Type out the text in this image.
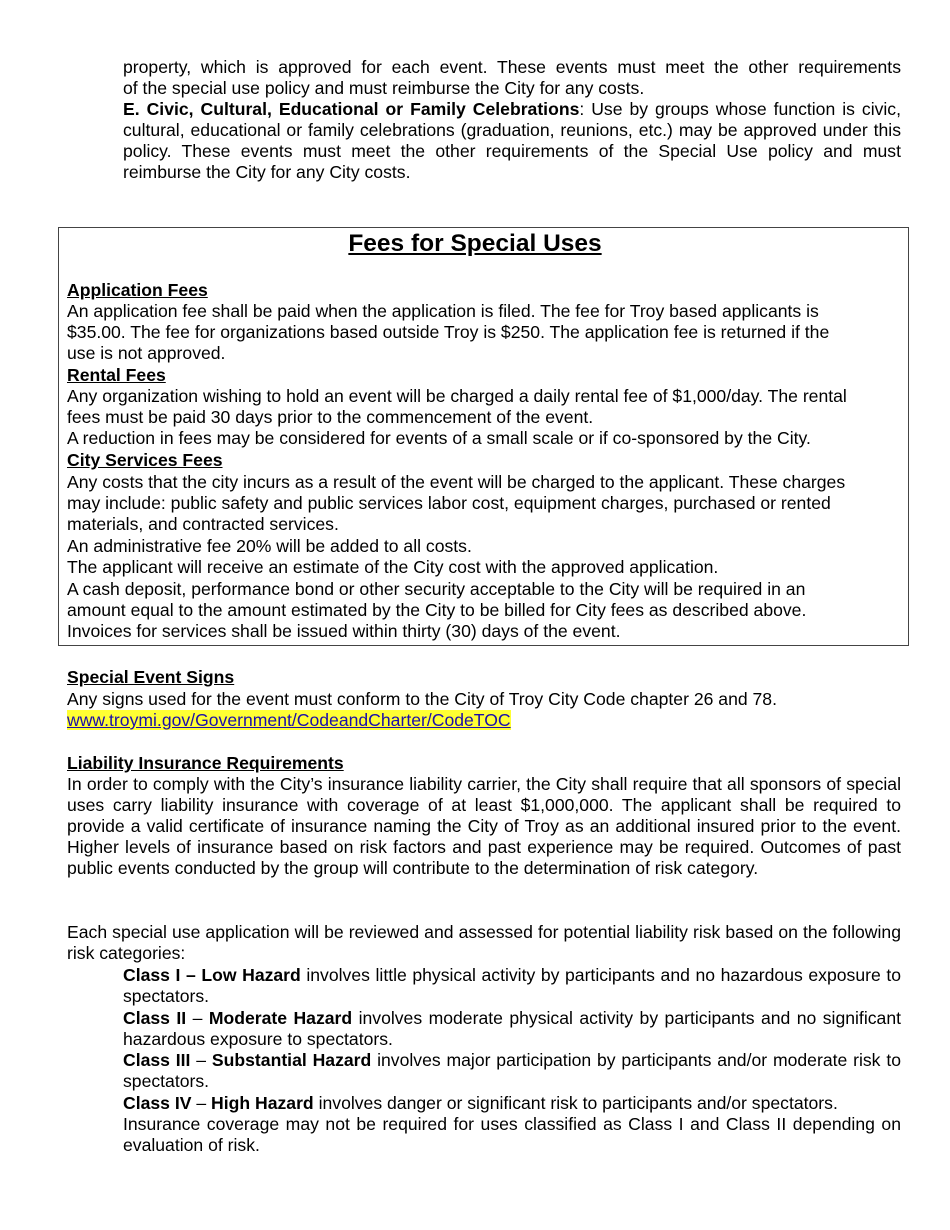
property, which is approved for each event. These events must meet the other requirements

of the special use policy and must reimburse the City for any costs.

E. Civic, Cultural, Educational or Family Celebrations: Use by groups whose function is civic, cultural, educational or family celebrations (graduation, reunions, etc.) may be approved under this policy. These events must meet the other requirements of the Special Use policy and must reimburse the City for any City costs.

Fees for Special Uses

Application Fees

An application fee shall be paid when the application is filed. The fee for Troy based applicants is

$35.00. The fee for organizations based outside Troy is $250. The application fee is returned if the

use is not approved.

Rental Fees

Any organization wishing to hold an event will be charged a daily rental fee of $1,000/day. The rental

fees must be paid 30 days prior to the commencement of the event.

A reduction in fees may be considered for events of a small scale or if co-sponsored by the City.

City Services Fees

Any costs that the city incurs as a result of the event will be charged to the applicant. These charges

may include: public safety and public services labor cost, equipment charges, purchased or rented

materials, and contracted services.

An administrative fee 20% will be added to all costs.

The applicant will receive an estimate of the City cost with the approved application.

A cash deposit, performance bond or other security acceptable to the City will be required in an

amount equal to the amount estimated by the City to be billed for City fees as described above.

Invoices for services shall be issued within thirty (30) days of the event.

Special Event Signs

Any signs used for the event must conform to the City of Troy City Code chapter 26 and 78.

www.troymi.gov/Government/CodeandCharter/CodeTOC

Liability Insurance Requirements

In order to comply with the City’s insurance liability carrier, the City shall require that all sponsors of special uses carry liability insurance with coverage of at least $1,000,000. The applicant shall be required to provide a valid certificate of insurance naming the City of Troy as an additional insured prior to the event. Higher levels of insurance based on risk factors and past experience may be required. Outcomes of past public events conducted by the group will contribute to the determination of risk category.

Each special use application will be reviewed and assessed for potential liability risk based on the following risk categories:

Class I – Low Hazard involves little physical activity by participants and no hazardous exposure to spectators.

Class II – Moderate Hazard involves moderate physical activity by participants and no significant hazardous exposure to spectators.

Class III – Substantial Hazard involves major participation by participants and/or moderate risk to spectators.

Class IV – High Hazard involves danger or significant risk to participants and/or spectators.

Insurance coverage may not be required for uses classified as Class I and Class II depending on evaluation of risk.
